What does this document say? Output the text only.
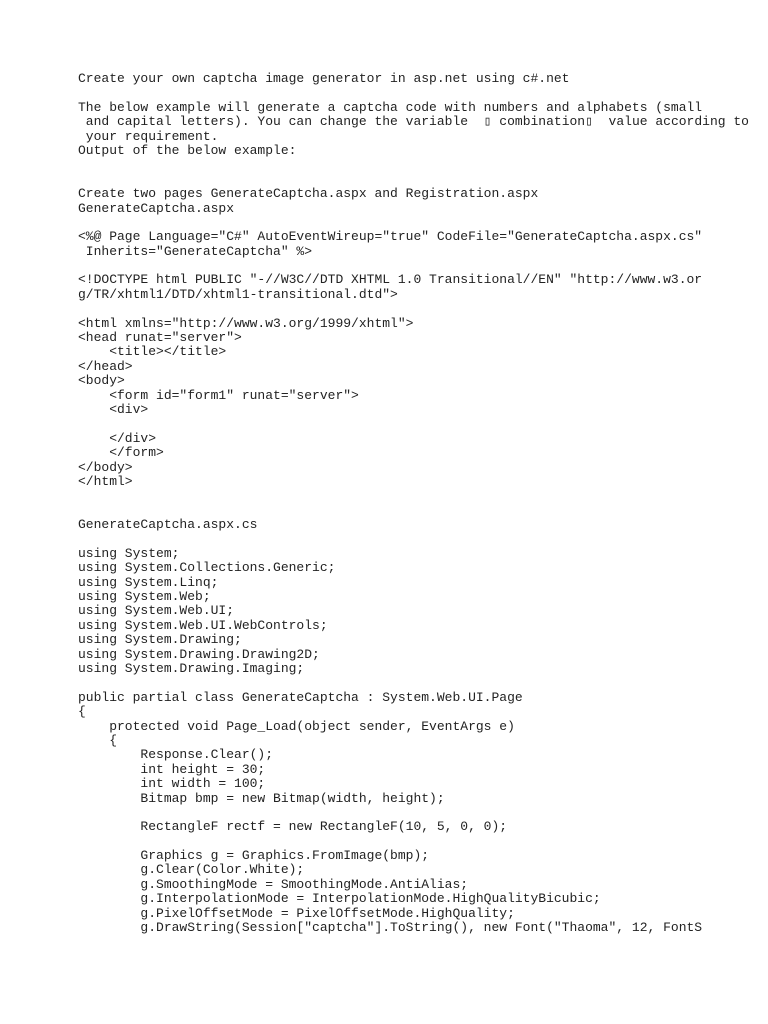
Create your own captcha image generator in asp.net using c#.net
The below example will generate a captcha code with numbers and alphabets (small
and capital letters). You can change the variable  ▯ combination▯  value according to
your requirement.
Output of the below example:
Create two pages GenerateCaptcha.aspx and Registration.aspx
GenerateCaptcha.aspx
<%@ Page Language="C#" AutoEventWireup="true" CodeFile="GenerateCaptcha.aspx.cs"
Inherits="GenerateCaptcha" %>
<!DOCTYPE html PUBLIC "-//W3C//DTD XHTML 1.0 Transitional//EN" "http://www.w3.or
g/TR/xhtml1/DTD/xhtml1-transitional.dtd">
<html xmlns="http://www.w3.org/1999/xhtml">
<head runat="server">
<title></title>
</head>
<body>
<form id="form1" runat="server">
<div>
</div>
</form>
</body>
</html>
GenerateCaptcha.aspx.cs
using System;
using System.Collections.Generic;
using System.Linq;
using System.Web;
using System.Web.UI;
using System.Web.UI.WebControls;
using System.Drawing;
using System.Drawing.Drawing2D;
using System.Drawing.Imaging;
public partial class GenerateCaptcha : System.Web.UI.Page
{
protected void Page_Load(object sender, EventArgs e)
{
Response.Clear();
int height = 30;
int width = 100;
Bitmap bmp = new Bitmap(width, height);
RectangleF rectf = new RectangleF(10, 5, 0, 0);
Graphics g = Graphics.FromImage(bmp);
g.Clear(Color.White);
g.SmoothingMode = SmoothingMode.AntiAlias;
g.InterpolationMode = InterpolationMode.HighQualityBicubic;
g.PixelOffsetMode = PixelOffsetMode.HighQuality;
g.DrawString(Session["captcha"].ToString(), new Font("Thaoma", 12, FontS
